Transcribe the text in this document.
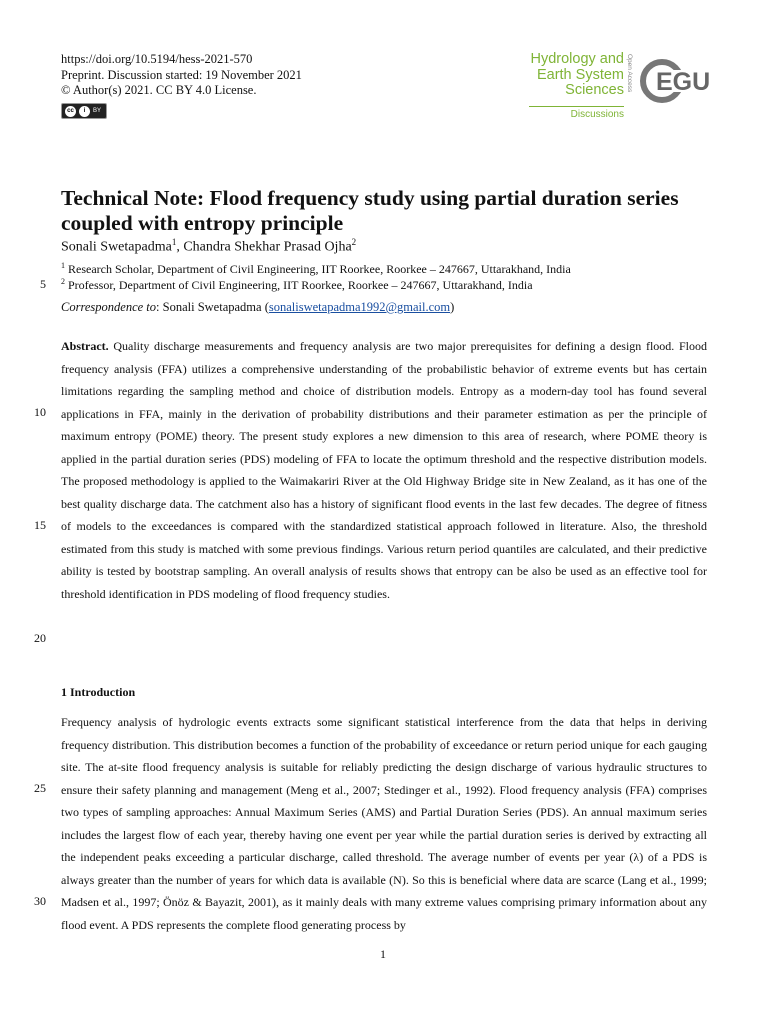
https://doi.org/10.5194/hess-2021-570
Preprint. Discussion started: 19 November 2021
© Author(s) 2021. CC BY 4.0 License.
cc	i	BY
Hydrology and
Earth System
Sciences
Discussions
Open Access EGU
Technical Note: Flood frequency study using partial duration series coupled with entropy principle
Sonali Swetapadma$^1$, Chandra Shekhar Prasad Ojha$^2$
$^1$ Research Scholar, Department of Civil Engineering, IIT Roorkee, Roorkee – 247667, Uttarakhand, India
$^2$ Professor, Department of Civil Engineering, IIT Roorkee, Roorkee – 247667, Uttarakhand, India
Correspondence to: Sonali Swetapadma (sonaliswetapadma1992@gmail.com)
5
10
15
20
25
30
Abstract. Quality discharge measurements and frequency analysis are two major prerequisites for defining a design flood. Flood frequency analysis (FFA) utilizes a comprehensive understanding of the probabilistic behavior of extreme events but has certain limitations regarding the sampling method and choice of distribution models. Entropy as a modern-day tool has found several applications in FFA, mainly in the derivation of probability distributions and their parameter estimation as per the principle of maximum entropy (POME) theory. The present study explores a new dimension to this area of research, where POME theory is applied in the partial duration series (PDS) modeling of FFA to locate the optimum threshold and the respective distribution models. The proposed methodology is applied to the Waimakariri River at the Old Highway Bridge site in New Zealand, as it has one of the best quality discharge data. The catchment also has a history of significant flood events in the last few decades. The degree of fitness of models to the exceedances is compared with the standardized statistical approach followed in literature. Also, the threshold estimated from this study is matched with some previous findings. Various return period quantiles are calculated, and their predictive ability is tested by bootstrap sampling. An overall analysis of results shows that entropy can be also be used as an effective tool for threshold identification in PDS modeling of flood frequency studies.
1 Introduction
Frequency analysis of hydrologic events extracts some significant statistical interference from the data that helps in deriving frequency distribution. This distribution becomes a function of the probability of exceedance or return period unique for each gauging site. The at-site flood frequency analysis is suitable for reliably predicting the design discharge of various hydraulic structures to ensure their safety planning and management (Meng et al., 2007; Stedinger et al., 1992). Flood frequency analysis (FFA) comprises two types of sampling approaches: Annual Maximum Series (AMS) and Partial Duration Series (PDS). An annual maximum series includes the largest flow of each year, thereby having one event per year while the partial duration series is derived by extracting all the independent peaks exceeding a particular discharge, called threshold. The average number of events per year (λ) of a PDS is always greater than the number of years for which data is available (N). So this is beneficial where data are scarce (Lang et al., 1999; Madsen et al., 1997; Önöz & Bayazit, 2001), as it mainly deals with many extreme values comprising primary information about any flood event. A PDS represents the complete flood generating process by
1
